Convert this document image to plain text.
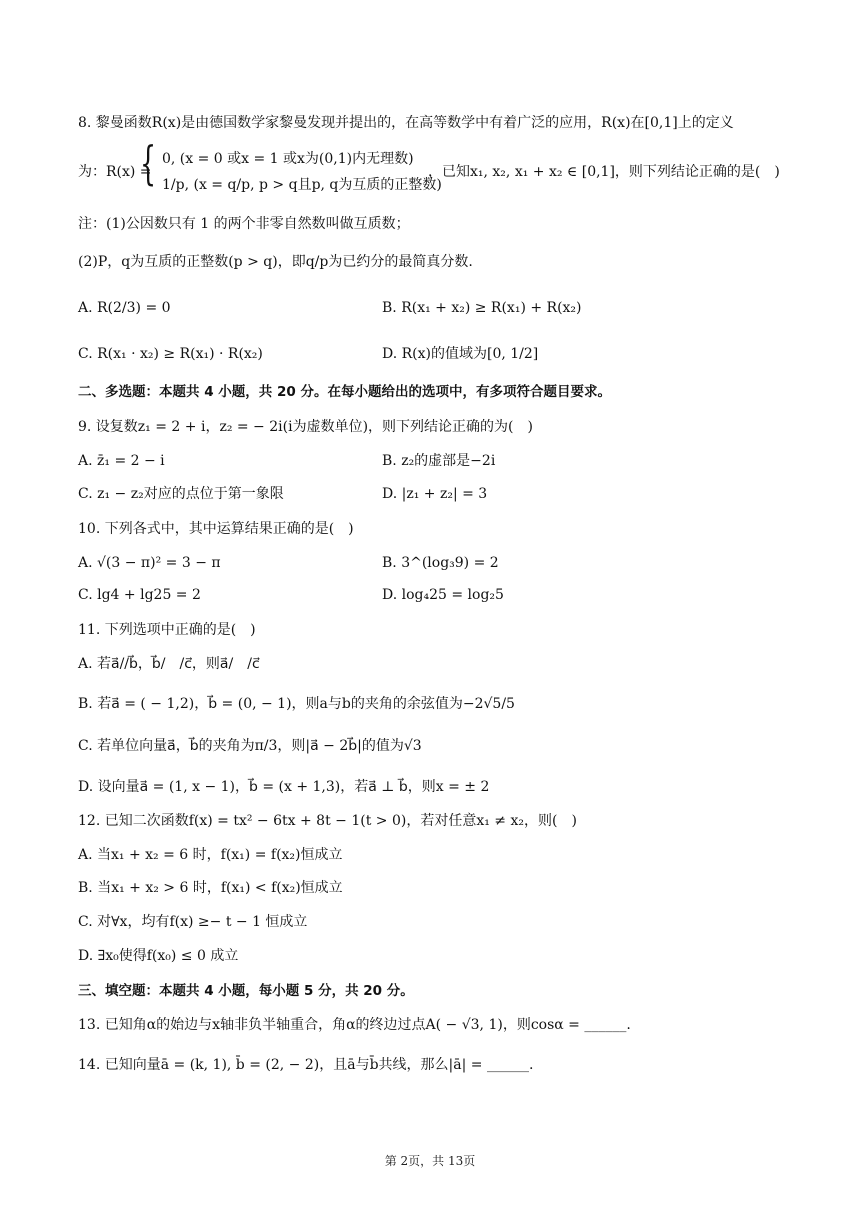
8. 黎曼函数R(x)是由德国数学家黎曼发现并提出的，在高等数学中有着广泛的应用，R(x)在[0,1]上的定义
为：R(x) =
{ 0, (x = 0 或x = 1 或x为(0,1)内无理数)
1/p, (x = q/p, p > q且p, q为互质的正整数)
，已知x₁, x₂, x₁ + x₂ ∈ [0,1]，则下列结论正确的是(　)
注：(1)公因数只有 1 的两个非零自然数叫做互质数；
(2)P，q为互质的正整数(p > q)，即q/p为已约分的最简真分数.
A. R(2/3) = 0	B. R(x₁ + x₂) ≥ R(x₁) + R(x₂)
C. R(x₁ · x₂) ≥ R(x₁) · R(x₂)	D. R(x)的值域为[0, 1/2]
二、多选题：本题共 4 小题，共 20 分。在每小题给出的选项中，有多项符合题目要求。
9. 设复数z₁ = 2 + i，z₂ = − 2i(i为虚数单位)，则下列结论正确的为(　)
A. z̄₁ = 2 − i	B. z₂的虚部是−2i
C. z₁ − z₂对应的点位于第一象限	D. |z₁ + z₂| = 3
10. 下列各式中，其中运算结果正确的是(　)
A. √(3 − π)² = 3 − π	B. 3^(log₃9) = 2
C. lg4 + lg25 = 2	D. log₄25 = log₂5
11. 下列选项中正确的是(　)
A. 若a⃗//b⃗，b⃗/　/c⃗，则a⃗/　/c⃗
B. 若a⃗ = ( − 1,2)，b⃗ = (0, − 1)，则a与b的夹角的余弦值为−2√5/5
C. 若单位向量a⃗，b⃗的夹角为π/3，则|a⃗ − 2b⃗|的值为√3
D. 设向量a⃗ = (1, x − 1)，b⃗ = (x + 1,3)，若a⃗ ⊥ b⃗，则x = ± 2
12. 已知二次函数f(x) = tx² − 6tx + 8t − 1(t > 0)，若对任意x₁ ≠ x₂，则(　)
A. 当x₁ + x₂ = 6 时，f(x₁) = f(x₂)恒成立
B. 当x₁ + x₂ > 6 时，f(x₁) < f(x₂)恒成立
C. 对∀x，均有f(x) ≥− t − 1 恒成立
D. ∃x₀使得f(x₀) ≤ 0 成立
三、填空题：本题共 4 小题，每小题 5 分，共 20 分。
13. 已知角α的始边与x轴非负半轴重合，角α的终边过点A( − √3, 1)，则cosα = ______.
14. 已知向量ā = (k, 1), b̄ = (2, − 2)，且ā与b̄共线，那么|ā| = ______.
第 2页，共 13页
